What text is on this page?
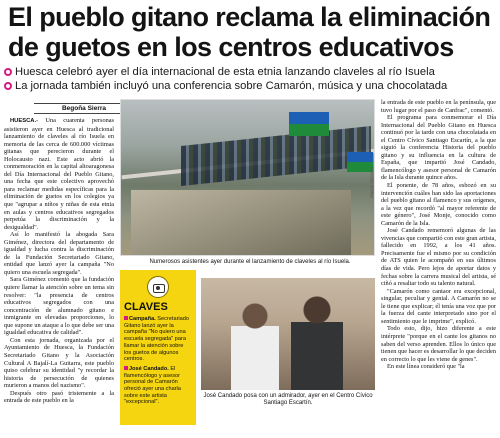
El pueblo gitano reclama la eliminación de guetos en los centros educativos
Huesca celebró ayer el día internacional de esta etnia lanzando claveles al río Isuela
La jornada también incluyó una conferencia sobre Camarón, música y una chocolatada
Begoña Sierra

HUESCA.- Una cuarenta personas asistieron ayer en Huesca al tradicional lanzamiento de claveles al río Isuela en memoria de las cerca de 600.000 víctimas gitanas que perecieron durante el Holocausto nazi. Este acto abrió la conmemoración en la capital altoaragonesa del Día Internacional del Pueblo Gitano, una fecha que este colectivo aprovechó para reclamar medidas específicas para la eliminación de guetos en los colegios ya que "agrupar a niños y niñas de esta etnia en aulas y centros educativos segregados perpetúa la discriminación y la desigualdad".

Así lo manifestó la abogada Sara Giménez, directora del departamento de igualdad y lucha contra la discriminación de la Fundación Secretariado Gitano, entidad que lanzó ayer la campaña "No quiero una escuela segregada".

Sara Giménez comentó que la fundación quiere llamar la atención sobre un tema sin resolver: "la presencia de centros educativos segregados con una concentración de alumnado gitano e inmigrante en elevadas proporciones, lo que supone un ataque a lo que debe ser una igualdad educativa de calidad".

Con esta jornada, organizada por el Ayuntamiento de Huesca, la Fundación Secretariado Gitano y la Asociación Cultural A Bajalí-La Guitarra, este pueblo quiso celebrar su identidad "y recordar la historia de persecución de quienes murieron a manos del nazismo".

Después otro pasó tristemente a la entrada de este pueblo en la

PABLO SEGURA
Numerosos asistentes ayer durante el lanzamiento de claveles al río Isuela.
CLAVES
Campaña. Secretariado Gitano lanzó ayer la campaña "No quiero una escuela segregada" para llamar la atención sobre los guetos de algunos centros.
José Candado. El flamencólogo y asesor personal de Camarón ofreció ayer una charla sobre este artista "excepcional".
José Candado posa con un admirador, ayer en el Centro Cívico Santiago Escartín.

la entrada de este pueblo en la península, que tuvo lugar por el paso de Canfrac", comentó.

El programa para conmemorar el Día Internacional del Pueblo Gitano en Huesca continuó por la tarde con una chocolatada en el Centro Cívico Santiago Escartín, a la que siguió la conferencia Historia del pueblo gitano y su influencia en la cultura de España, que impartió José Candado, flamencólogo y asesor personal de Camarón de la Isla durante quince años.

El ponente, de 78 años, esbozó en su intervención cuáles han sido las aportaciones del pueblo gitano al flamenco y sus orígenes, a la vez que recordó "al mayor referente de este género", José Monje, conocido como Camarón de la Isla.

José Candado rememoró algunas de las vivencias que compartió con este gran artista, fallecido en 1992, a los 41 años. Precisamente fue el mismo por su condición de ATS quien le acompañó en sus últimos días de vida. Pero lejos de aportar datos y fechas sobre la carrera musical del artista, sé ciñó a resaltar todo su talento natural.

"Camarón como cantaor era excepcional, singular, peculiar y genial. A Camarón no se le tiene que explicar; él tenía una voz que por la fuerza del cante interpretado sino por el sentimiento que le imprime", explicó.

Todo esto, dijo, hizo diferente a este intérprete "porque en el cante los gitanos no saben del verso aprenden. Ellos lo único que tienen que hacer es desarrollar lo que deciden en correcto lo que les viene de genes".

En este línea consideró que "la
